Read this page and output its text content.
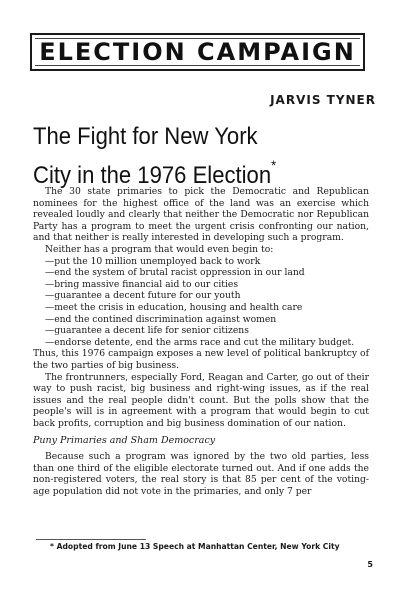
ELECTION CAMPAIGN
JARVIS TYNER
The Fight for New York
City in the 1976 Election*

The 30 state primaries to pick the Democratic and Republican nominees for the highest office of the land was an exercise which revealed loudly and clearly that neither the Democratic nor Republican Party has a program to meet the urgent crisis confronting our nation, and that neither is really interested in developing such a program.

Neither has a program that would even begin to:

—put the 10 million unemployed back to work
—end the system of brutal racist oppression in our land
—bring massive financial aid to our cities
—guarantee a decent future for our youth
—meet the crisis in education, housing and health care
—end the contined discrimination against women
—guarantee a decent life for senior citizens
—endorse detente, end the arms race and cut the military budget.

Thus, this 1976 campaign exposes a new level of political bankruptcy of the two parties of big business.

The frontrunners, especially Ford, Reagan and Carter, go out of their way to push racist, big business and right-wing issues, as if the real issues and the real people didn't count. But the polls show that the people's will is in agreement with a program that would begin to cut back profits, corruption and big business domination of our nation.

Puny Primaries and Sham Democracy

Because such a program was ignored by the two old parties, less than one third of the eligible electorate turned out. And if one adds the non-registered voters, the real story is that 85 per cent of the voting-age population did not vote in the primaries, and only 7 per

* Adopted from June 13 Speech at Manhattan Center, New York City
5
